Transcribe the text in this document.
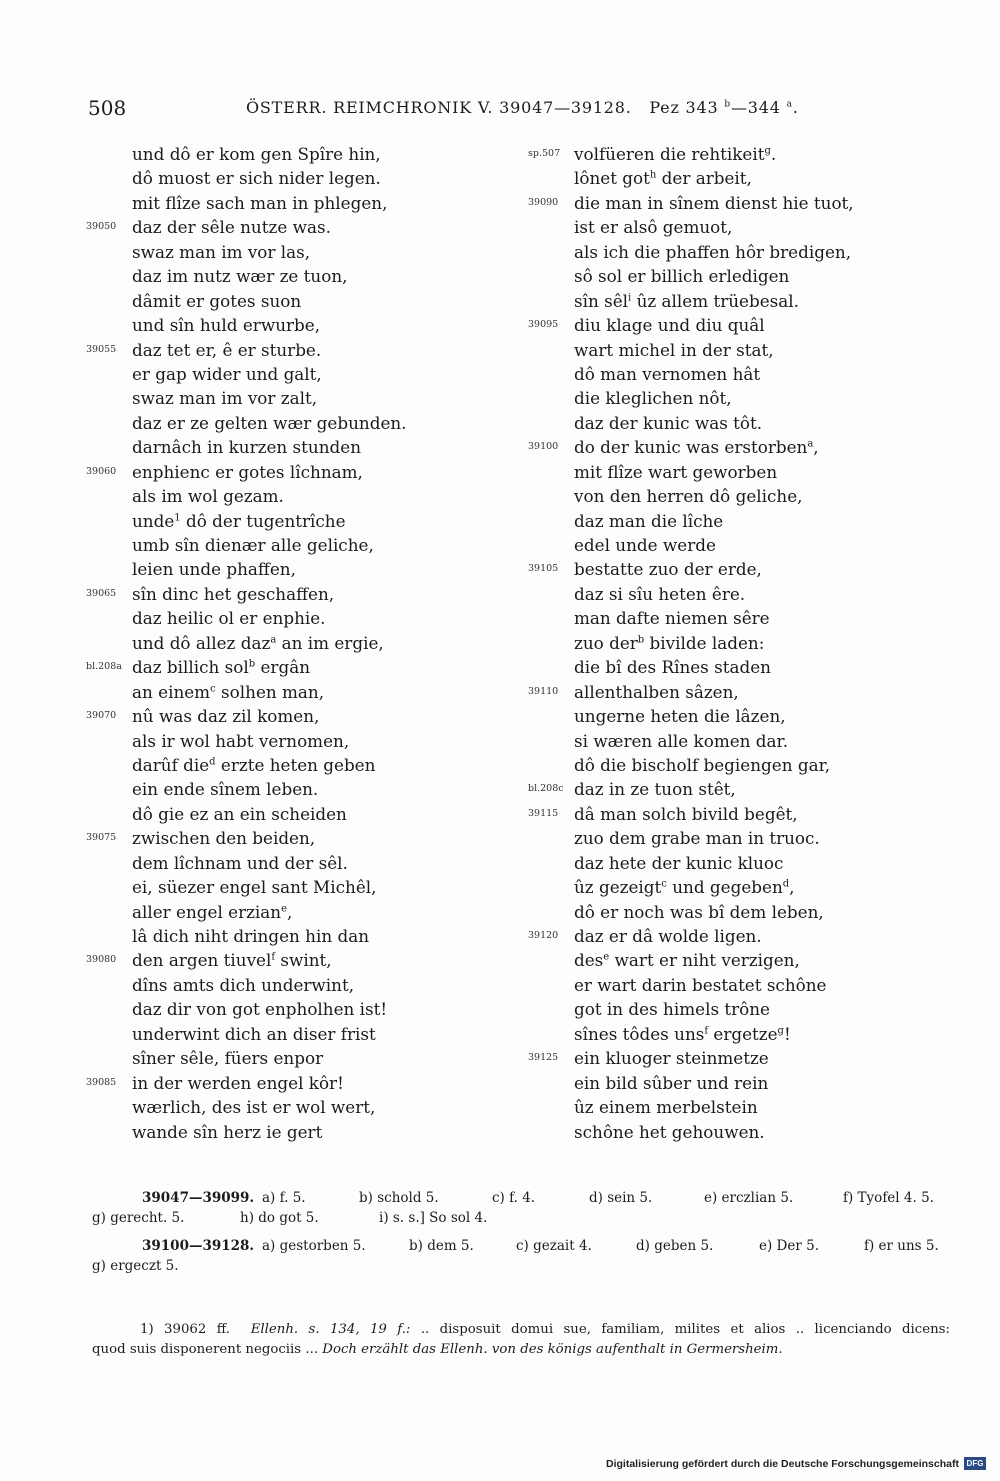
508	ÖSTERR. REIMCHRONIK V. 39047—39128. Pez 343 $^b$—344 $^a$.
und dô er kom gen Spîre hin,
dô muost er sich nider legen.
mit flîze sach man in phlegen,
39050 daz der sêle nutze was.
swaz man im vor las,
daz im nutz wær ze tuon,
dâmit er gotes suon
und sîn huld erwurbe,
39055 daz tet er, ê er sturbe.
er gap wider und galt,
swaz man im vor zalt,
daz er ze gelten wær gebunden.
darnâch in kurzen stunden
39060 enphienc er gotes lîchnam,
als im wol gezam.
unde$^1$ dô der tugentrîche
umb sîn dienær alle geliche,
leien unde phaffen,
39065 sîn dinc het geschaffen,
daz heilic ol er enphie.
und dô allez daz$^a$ an im ergie,
bl.208a daz billich sol$^b$ ergân
an einem$^c$ solhen man,
39070 nû was daz zil komen,
als ir wol habt vernomen,
darûf die$^d$ erzte heten geben
ein ende sînem leben.
dô gie ez an ein scheiden
39075 zwischen den beiden,
dem lîchnam und der sêl.
ei, süezer engel sant Michêl,
aller engel erzian$^e$,
lâ dich niht dringen hin dan
39080 den argen tiuvel$^f$ swint,
dîns amts dich underwint,
daz dir von got enpholhen ist!
underwint dich an diser frist
sîner sêle, füers enpor
39085 in der werden engel kôr!
wærlich, des ist er wol wert,
wande sîn herz ie gert
sp.507 volfüeren die rehtikeit$^g$.
lônet got$^h$ der arbeit,
39090 die man in sînem dienst hie tuot,
ist er alsô gemuot,
als ich die phaffen hôr bredigen,
sô sol er billich erledigen
sîn sêl$^i$ ûz allem trüebesal.
39095 diu klage und diu quâl
wart michel in der stat,
dô man vernomen hât
die kleglichen nôt,
daz der kunic was tôt.
39100 do der kunic was erstorben$^a$,
mit flîze wart geworben
von den herren dô geliche,
daz man die lîche
edel unde werde
39105 bestatte zuo der erde,
daz si sîu heten êre.
man dafte niemen sêre
zuo der$^b$ bivilde laden:
die bî des Rînes staden
39110 allenthalben sâzen,
ungerne heten die lâzen,
si wæren alle komen dar.
dô die bischolf begiengen gar,
bl.208c daz in ze tuon stêt,
39115 dâ man solch bivild begêt,
zuo dem grabe man in truoc.
daz hete der kunic kluoc
ûz gezeigt$^c$ und gegeben$^d$,
dô er noch was bî dem leben,
39120 daz er dâ wolde ligen.
des$^e$ wart er niht verzigen,
er wart darin bestatet schône
got in des himels trône
sînes tôdes uns$^f$ ergetze$^g$!
39125 ein kluoger steinmetze
ein bild sûber und rein
ûz einem merbelstein
schône het gehouwen.
39047—39099. a) f. 5.	b) schold 5.	c) f. 4.	d) sein 5.	e) erczlian 5.	f) Tyofel 4. 5.
g) gerecht. 5.	h) do got 5.	i) s. s.] So sol 4.
39100—39128. a) gestorben 5.	b) dem 5.	c) gezait 4.	d) geben 5.	e) Der 5.	f) er uns 5.
g) ergeczt 5.
1) 39062 ff. Ellenh. s. 134, 19 f.: .. disposuit domui sue, familiam, milites et alios .. licenciando dicens:
quod suis disponerent negociis ... Doch erzählt das Ellenh. von des königs aufenthalt in Germersheim.
Digitalisierung gefördert durch die Deutsche Forschungsgemeinschaft DFG
